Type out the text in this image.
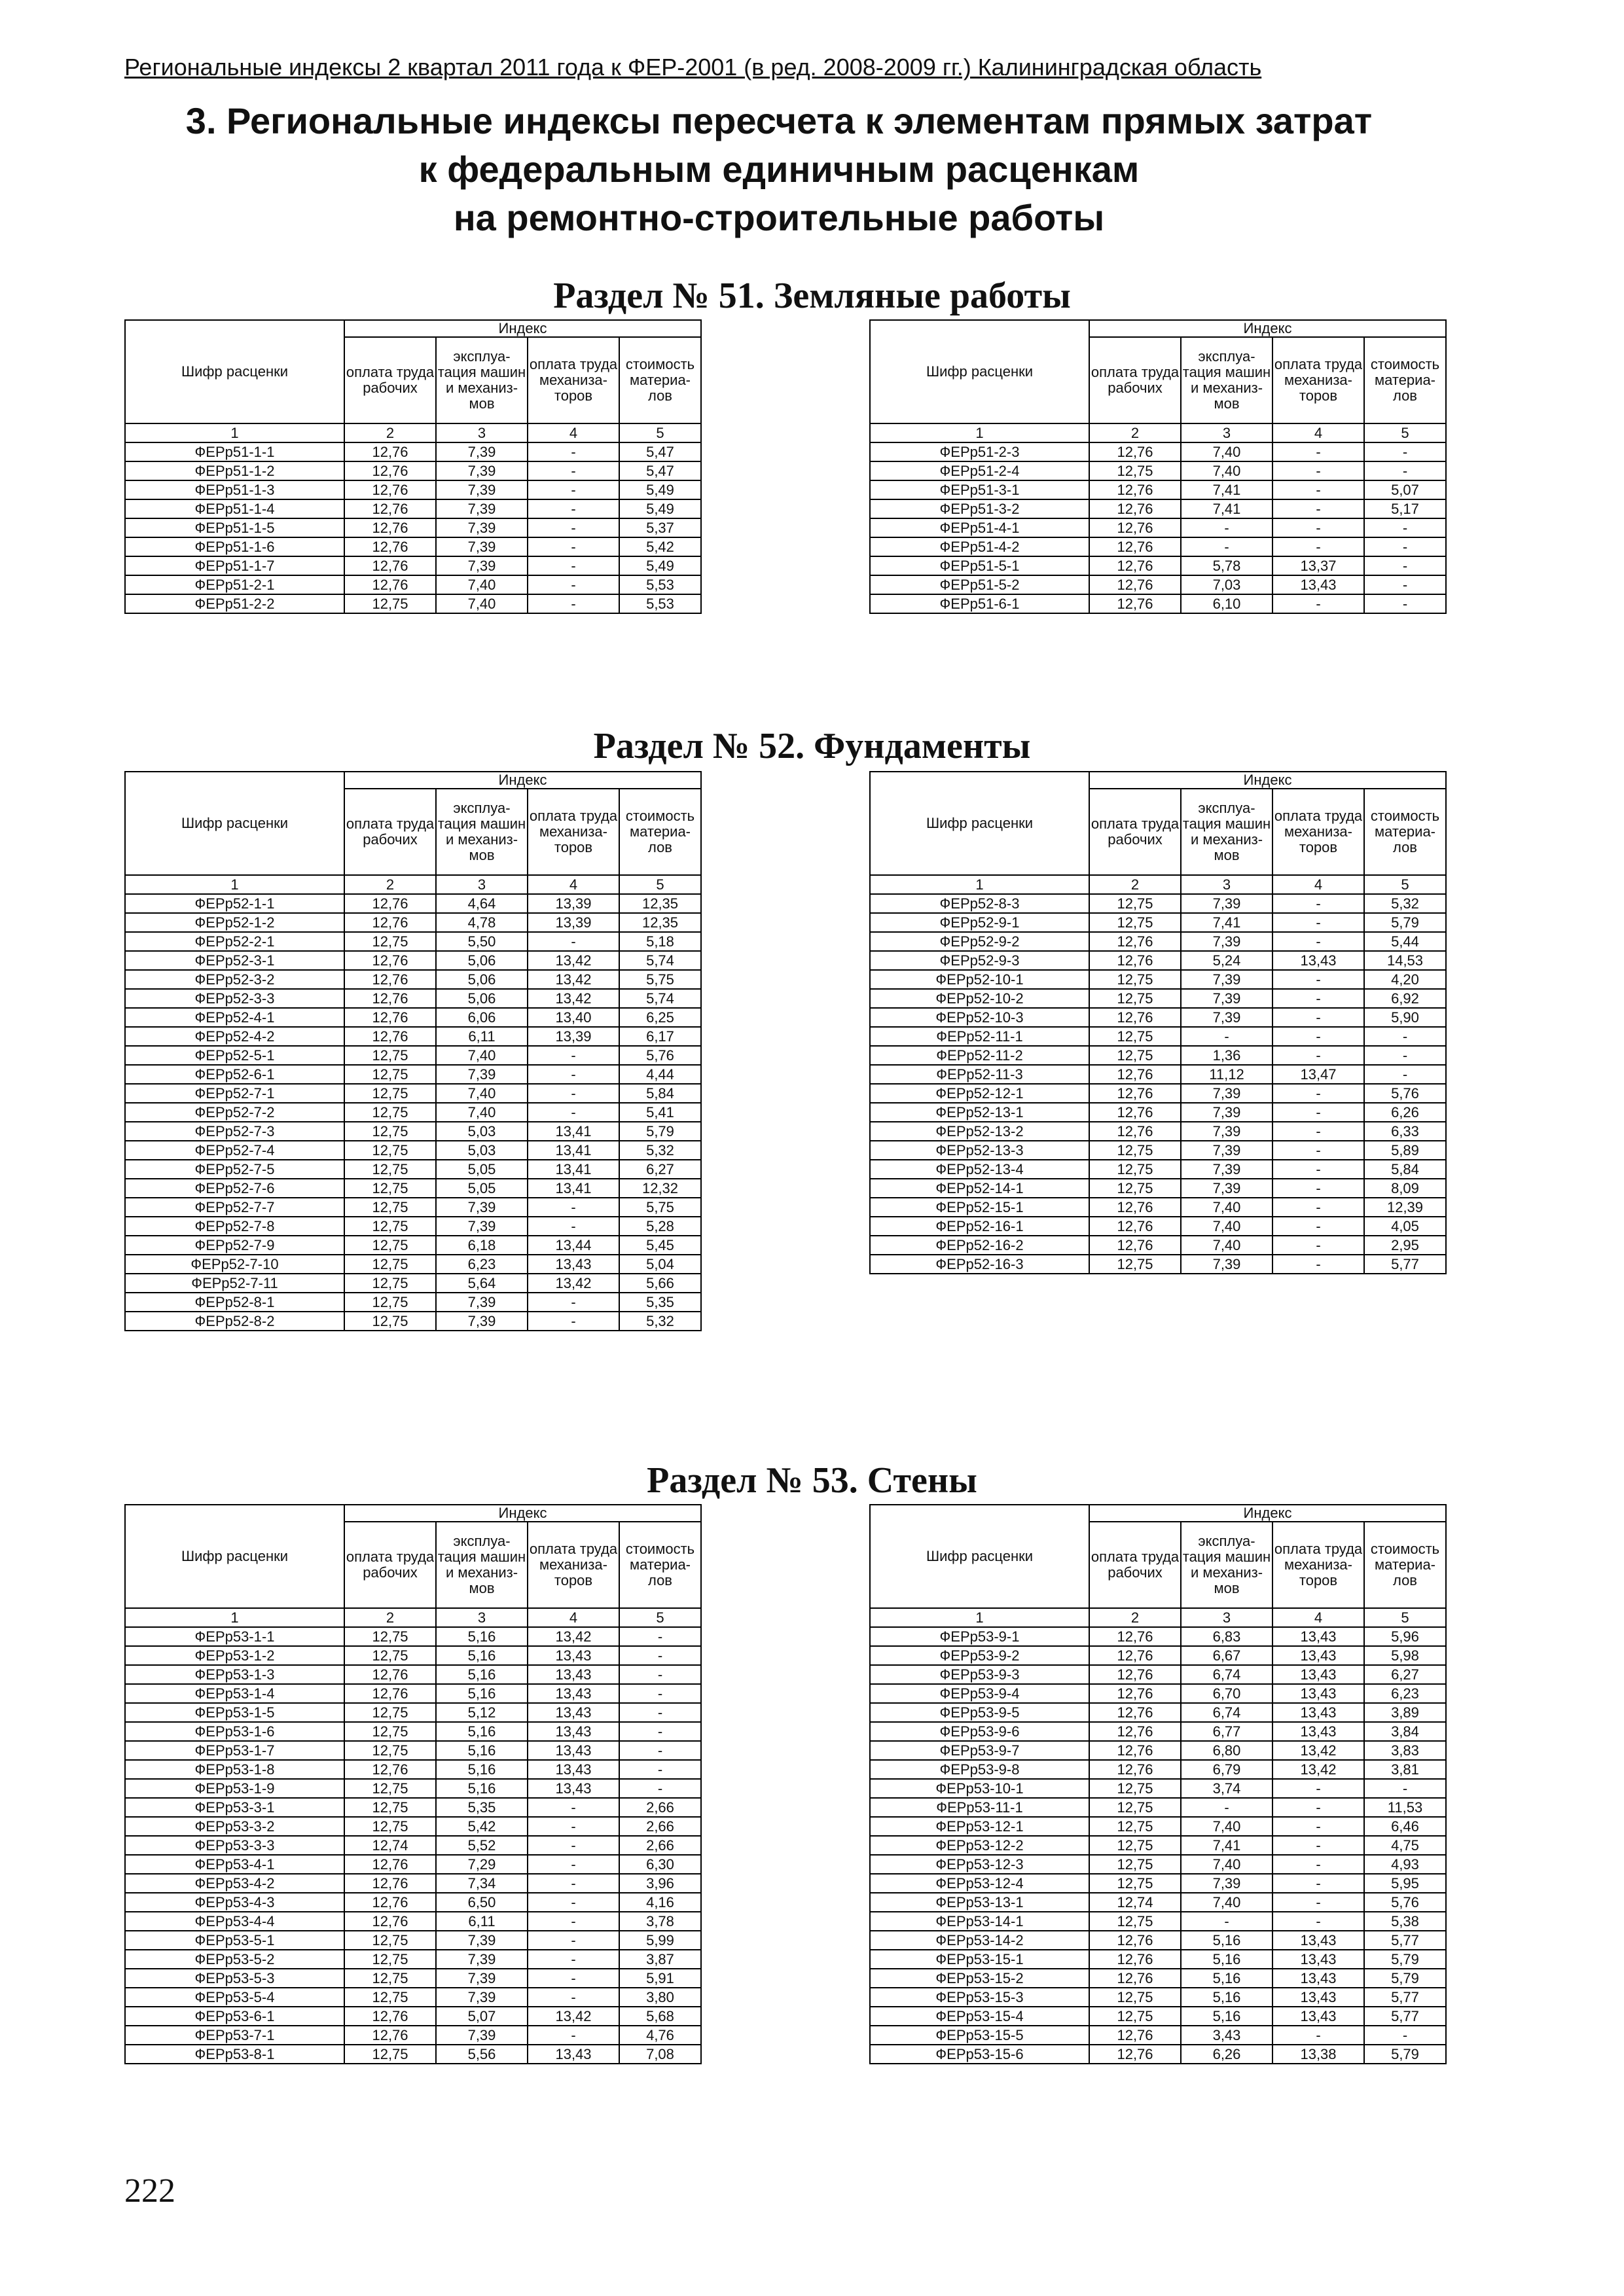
Региональные индексы 2 квартал 2011 года к ФЕР-2001 (в ред. 2008-2009 гг.) Калининградская область
3. Региональные индексы пересчета к элементам прямых затрат
к федеральным единичным расценкам
на ремонтно-строительные работы
Раздел № 51. Земляные работы
Шифр расценки	Индекс			
	оплата труда рабочих	эксплуа-тация машин и механиз-мов	оплата труда механиза-торов	стоимость материа-лов
1	2	3	4	5
ФЕРр51-1-1	12,76	7,39	-	5,47
ФЕРр51-1-2	12,76	7,39	-	5,47
ФЕРр51-1-3	12,76	7,39	-	5,49
ФЕРр51-1-4	12,76	7,39	-	5,49
ФЕРр51-1-5	12,76	7,39	-	5,37
ФЕРр51-1-6	12,76	7,39	-	5,42
ФЕРр51-1-7	12,76	7,39	-	5,49
ФЕРр51-2-1	12,76	7,40	-	5,53
ФЕРр51-2-2	12,75	7,40	-	5,53
Шифр расценки	Индекс			
	оплата труда рабочих	эксплуа-тация машин и механиз-мов	оплата труда механиза-торов	стоимость материа-лов
1	2	3	4	5
ФЕРр51-2-3	12,76	7,40	-	-
ФЕРр51-2-4	12,75	7,40	-	-
ФЕРр51-3-1	12,76	7,41	-	5,07
ФЕРр51-3-2	12,76	7,41	-	5,17
ФЕРр51-4-1	12,76	-	-	-
ФЕРр51-4-2	12,76	-	-	-
ФЕРр51-5-1	12,76	5,78	13,37	-
ФЕРр51-5-2	12,76	7,03	13,43	-
ФЕРр51-6-1	12,76	6,10	-	-
Раздел № 52. Фундаменты
Шифр расценки	Индекс			
	оплата труда рабочих	эксплуа-тация машин и механиз-мов	оплата труда механиза-торов	стоимость материа-лов
1	2	3	4	5
ФЕРр52-1-1	12,76	4,64	13,39	12,35
ФЕРр52-1-2	12,76	4,78	13,39	12,35
ФЕРр52-2-1	12,75	5,50	-	5,18
ФЕРр52-3-1	12,76	5,06	13,42	5,74
ФЕРр52-3-2	12,76	5,06	13,42	5,75
ФЕРр52-3-3	12,76	5,06	13,42	5,74
ФЕРр52-4-1	12,76	6,06	13,40	6,25
ФЕРр52-4-2	12,76	6,11	13,39	6,17
ФЕРр52-5-1	12,75	7,40	-	5,76
ФЕРр52-6-1	12,75	7,39	-	4,44
ФЕРр52-7-1	12,75	7,40	-	5,84
ФЕРр52-7-2	12,75	7,40	-	5,41
ФЕРр52-7-3	12,75	5,03	13,41	5,79
ФЕРр52-7-4	12,75	5,03	13,41	5,32
ФЕРр52-7-5	12,75	5,05	13,41	6,27
ФЕРр52-7-6	12,75	5,05	13,41	12,32
ФЕРр52-7-7	12,75	7,39	-	5,75
ФЕРр52-7-8	12,75	7,39	-	5,28
ФЕРр52-7-9	12,75	6,18	13,44	5,45
ФЕРр52-7-10	12,75	6,23	13,43	5,04
ФЕРр52-7-11	12,75	5,64	13,42	5,66
ФЕРр52-8-1	12,75	7,39	-	5,35
ФЕРр52-8-2	12,75	7,39	-	5,32
Шифр расценки	Индекс			
	оплата труда рабочих	эксплуа-тация машин и механиз-мов	оплата труда механиза-торов	стоимость материа-лов
1	2	3	4	5
ФЕРр52-8-3	12,75	7,39	-	5,32
ФЕРр52-9-1	12,75	7,41	-	5,79
ФЕРр52-9-2	12,76	7,39	-	5,44
ФЕРр52-9-3	12,76	5,24	13,43	14,53
ФЕРр52-10-1	12,75	7,39	-	4,20
ФЕРр52-10-2	12,75	7,39	-	6,92
ФЕРр52-10-3	12,76	7,39	-	5,90
ФЕРр52-11-1	12,75	-	-	-
ФЕРр52-11-2	12,75	1,36	-	-
ФЕРр52-11-3	12,76	11,12	13,47	-
ФЕРр52-12-1	12,76	7,39	-	5,76
ФЕРр52-13-1	12,76	7,39	-	6,26
ФЕРр52-13-2	12,76	7,39	-	6,33
ФЕРр52-13-3	12,75	7,39	-	5,89
ФЕРр52-13-4	12,75	7,39	-	5,84
ФЕРр52-14-1	12,75	7,39	-	8,09
ФЕРр52-15-1	12,76	7,40	-	12,39
ФЕРр52-16-1	12,76	7,40	-	4,05
ФЕРр52-16-2	12,76	7,40	-	2,95
ФЕРр52-16-3	12,75	7,39	-	5,77
Раздел № 53. Стены
Шифр расценки	Индекс			
	оплата труда рабочих	эксплуа-тация машин и механиз-мов	оплата труда механиза-торов	стоимость материа-лов
1	2	3	4	5
ФЕРр53-1-1	12,75	5,16	13,42	-
ФЕРр53-1-2	12,75	5,16	13,43	-
ФЕРр53-1-3	12,76	5,16	13,43	-
ФЕРр53-1-4	12,76	5,16	13,43	-
ФЕРр53-1-5	12,75	5,12	13,43	-
ФЕРр53-1-6	12,75	5,16	13,43	-
ФЕРр53-1-7	12,75	5,16	13,43	-
ФЕРр53-1-8	12,76	5,16	13,43	-
ФЕРр53-1-9	12,75	5,16	13,43	-
ФЕРр53-3-1	12,75	5,35	-	2,66
ФЕРр53-3-2	12,75	5,42	-	2,66
ФЕРр53-3-3	12,74	5,52	-	2,66
ФЕРр53-4-1	12,76	7,29	-	6,30
ФЕРр53-4-2	12,76	7,34	-	3,96
ФЕРр53-4-3	12,76	6,50	-	4,16
ФЕРр53-4-4	12,76	6,11	-	3,78
ФЕРр53-5-1	12,75	7,39	-	5,99
ФЕРр53-5-2	12,75	7,39	-	3,87
ФЕРр53-5-3	12,75	7,39	-	5,91
ФЕРр53-5-4	12,75	7,39	-	3,80
ФЕРр53-6-1	12,76	5,07	13,42	5,68
ФЕРр53-7-1	12,76	7,39	-	4,76
ФЕРр53-8-1	12,75	5,56	13,43	7,08
Шифр расценки	Индекс			
	оплата труда рабочих	эксплуа-тация машин и механиз-мов	оплата труда механиза-торов	стоимость материа-лов
1	2	3	4	5
ФЕРр53-9-1	12,76	6,83	13,43	5,96
ФЕРр53-9-2	12,76	6,67	13,43	5,98
ФЕРр53-9-3	12,76	6,74	13,43	6,27
ФЕРр53-9-4	12,76	6,70	13,43	6,23
ФЕРр53-9-5	12,76	6,74	13,43	3,89
ФЕРр53-9-6	12,76	6,77	13,43	3,84
ФЕРр53-9-7	12,76	6,80	13,42	3,83
ФЕРр53-9-8	12,76	6,79	13,42	3,81
ФЕРр53-10-1	12,75	3,74	-	-
ФЕРр53-11-1	12,75	-	-	11,53
ФЕРр53-12-1	12,75	7,40	-	6,46
ФЕРр53-12-2	12,75	7,41	-	4,75
ФЕРр53-12-3	12,75	7,40	-	4,93
ФЕРр53-12-4	12,75	7,39	-	5,95
ФЕРр53-13-1	12,74	7,40	-	5,76
ФЕРр53-14-1	12,75	-	-	5,38
ФЕРр53-14-2	12,76	5,16	13,43	5,77
ФЕРр53-15-1	12,76	5,16	13,43	5,79
ФЕРр53-15-2	12,76	5,16	13,43	5,79
ФЕРр53-15-3	12,75	5,16	13,43	5,77
ФЕРр53-15-4	12,75	5,16	13,43	5,77
ФЕРр53-15-5	12,76	3,43	-	-
ФЕРр53-15-6	12,76	6,26	13,38	5,79
222
